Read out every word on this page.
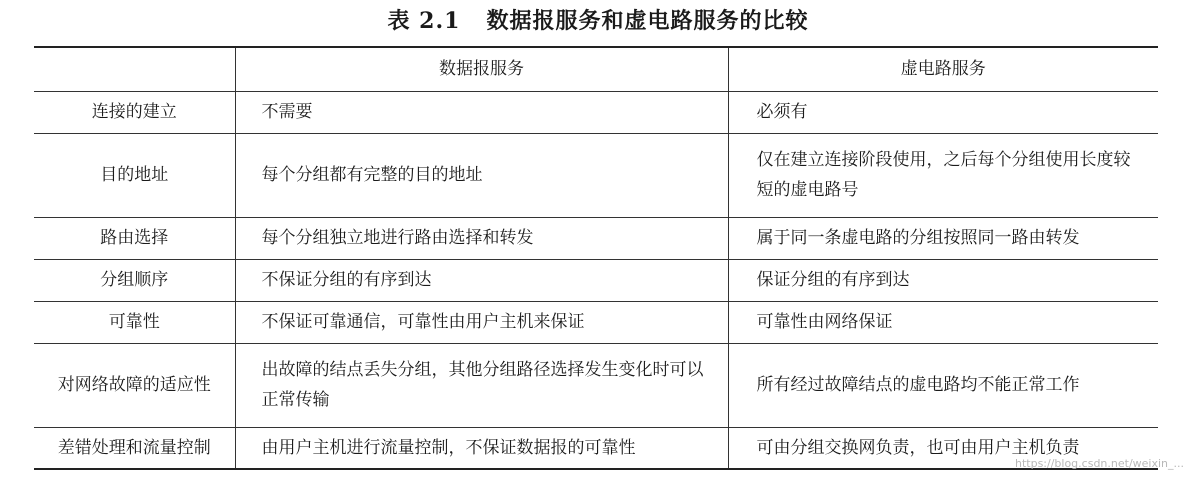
表 2.1 数据报服务和虚电路服务的比较
	数据报服务	虚电路服务
连接的建立	不需要	必须有
目的地址	每个分组都有完整的目的地址	仅在建立连接阶段使用，之后每个分组使用长度较短的虚电路号
路由选择	每个分组独立地进行路由选择和转发	属于同一条虚电路的分组按照同一路由转发
分组顺序	不保证分组的有序到达	保证分组的有序到达
可靠性	不保证可靠通信，可靠性由用户主机来保证	可靠性由网络保证
对网络故障的适应性	出故障的结点丢失分组，其他分组路径选择发生变化时可以正常传输	所有经过故障结点的虚电路均不能正常工作
差错处理和流量控制	由用户主机进行流量控制，不保证数据报的可靠性	可由分组交换网负责，也可由用户主机负责
https://blog.csdn.net/weixin_...
